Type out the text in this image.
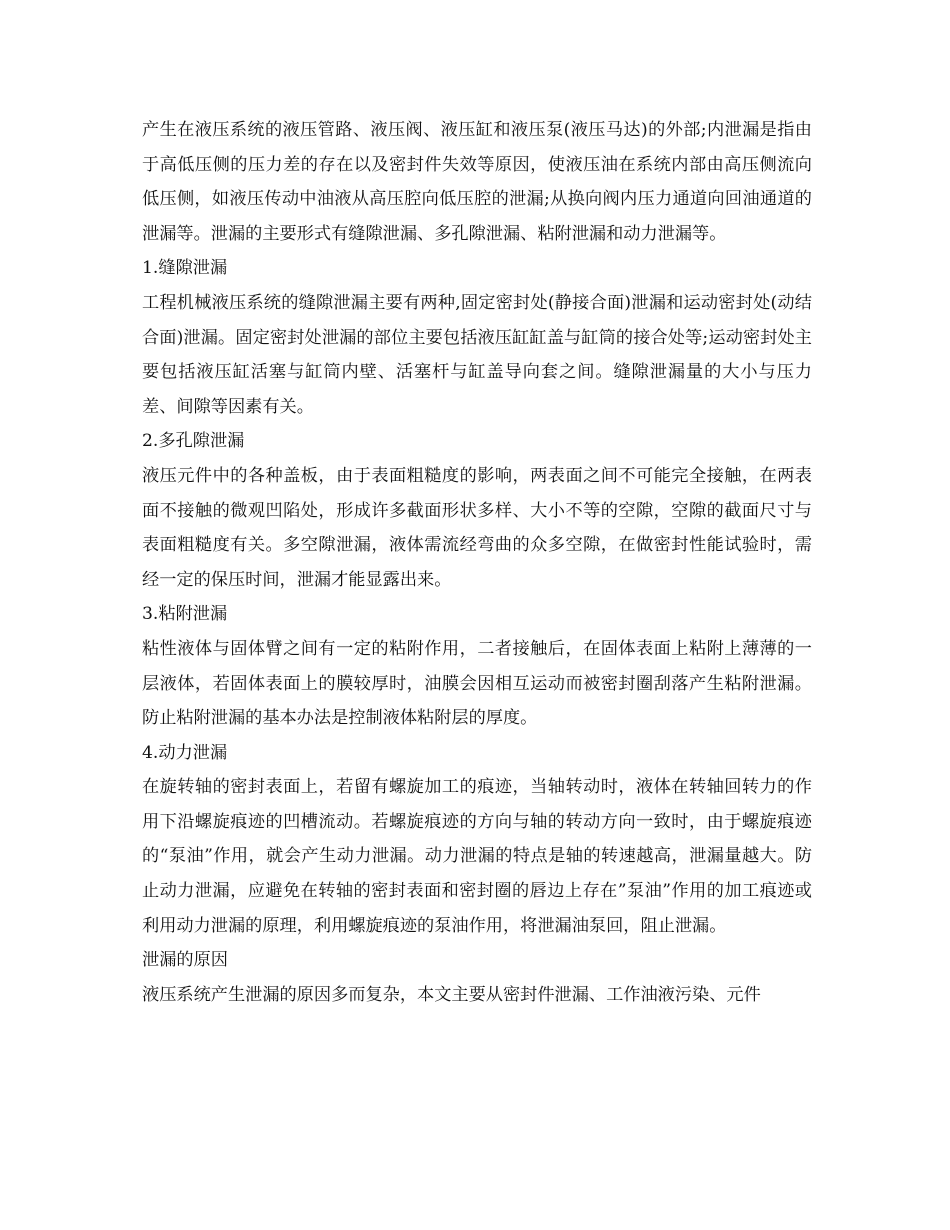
产生在液压系统的液压管路、液压阀、液压缸和液压泵(液压马达)的外部;内泄漏是指由于高低压侧的压力差的存在以及密封件失效等原因，使液压油在系统内部由高压侧流向低压侧，如液压传动中油液从高压腔向低压腔的泄漏;从换向阀内压力通道向回油通道的泄漏等。泄漏的主要形式有缝隙泄漏、多孔隙泄漏、粘附泄漏和动力泄漏等。

1.缝隙泄漏

工程机械液压系统的缝隙泄漏主要有两种,固定密封处(静接合面)泄漏和运动密封处(动结合面)泄漏。固定密封处泄漏的部位主要包括液压缸缸盖与缸筒的接合处等;运动密封处主要包括液压缸活塞与缸筒内壁、活塞杆与缸盖导向套之间。缝隙泄漏量的大小与压力差、间隙等因素有关。

2.多孔隙泄漏

液压元件中的各种盖板，由于表面粗糙度的影响，两表面之间不可能完全接触，在两表面不接触的微观凹陷处，形成许多截面形状多样、大小不等的空隙，空隙的截面尺寸与表面粗糙度有关。多空隙泄漏，液体需流经弯曲的众多空隙，在做密封性能试验时，需经一定的保压时间，泄漏才能显露出来。

3.粘附泄漏

粘性液体与固体臂之间有一定的粘附作用，二者接触后，在固体表面上粘附上薄薄的一层液体，若固体表面上的膜较厚时，油膜会因相互运动而被密封圈刮落产生粘附泄漏。防止粘附泄漏的基本办法是控制液体粘附层的厚度。

4.动力泄漏

在旋转轴的密封表面上，若留有螺旋加工的痕迹，当轴转动时，液体在转轴回转力的作用下沿螺旋痕迹的凹槽流动。若螺旋痕迹的方向与轴的转动方向一致时，由于螺旋痕迹的“泵油”作用，就会产生动力泄漏。动力泄漏的特点是轴的转速越高，泄漏量越大。防止动力泄漏，应避免在转轴的密封表面和密封圈的唇边上存在”泵油”作用的加工痕迹或利用动力泄漏的原理，利用螺旋痕迹的泵油作用，将泄漏油泵回，阻止泄漏。

泄漏的原因

液压系统产生泄漏的原因多而复杂，本文主要从密封件泄漏、工作油液污染、元件
